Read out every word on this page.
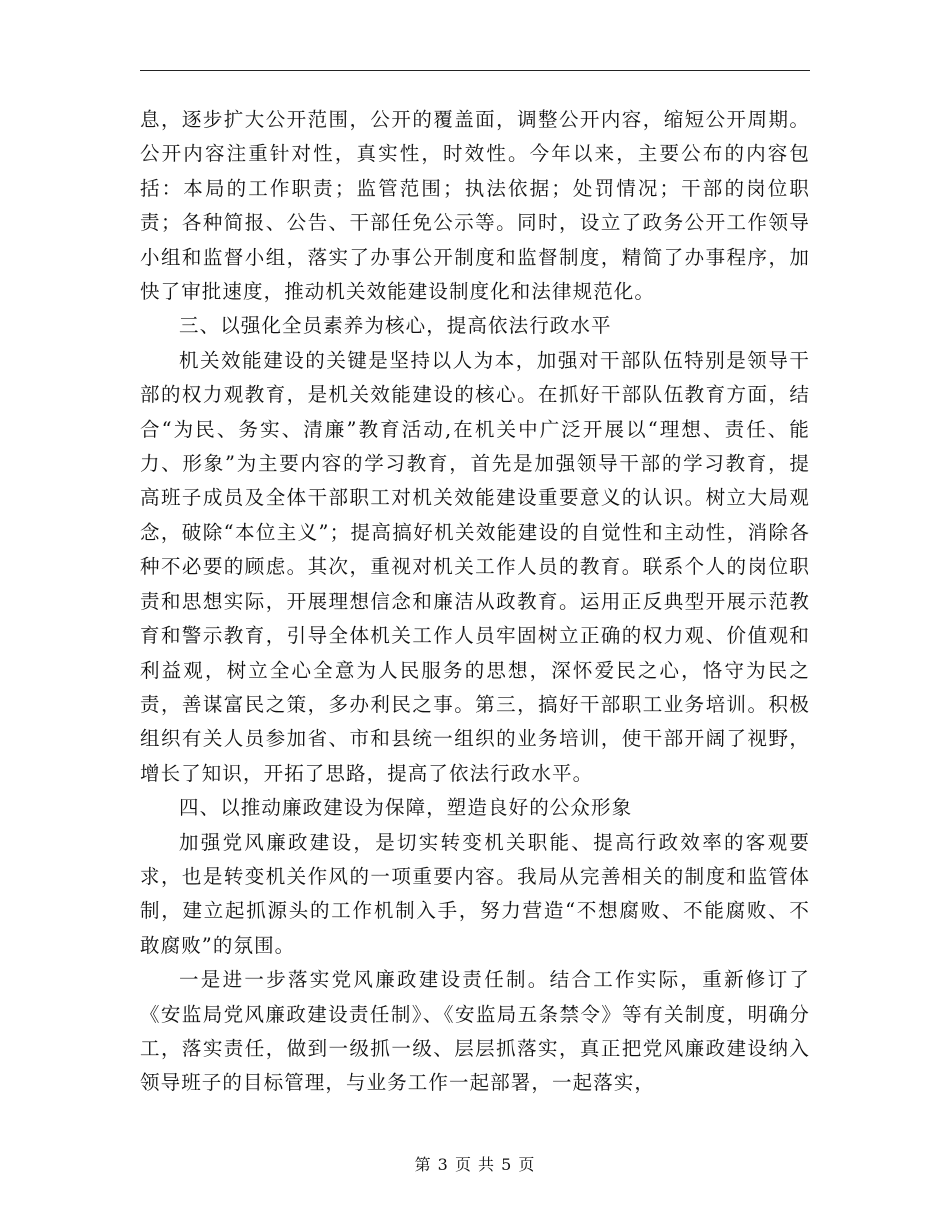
息，逐步扩大公开范围，公开的覆盖面，调整公开内容，缩短公开周期。公开内容注重针对性，真实性，时效性。今年以来，主要公布的内容包括：本局的工作职责；监管范围；执法依据；处罚情况；干部的岗位职责；各种简报、公告、干部任免公示等。同时，设立了政务公开工作领导小组和监督小组，落实了办事公开制度和监督制度，精简了办事程序，加快了审批速度，推动机关效能建设制度化和法律规范化。

三、以强化全员素养为核心，提高依法行政水平

机关效能建设的关键是坚持以人为本，加强对干部队伍特别是领导干部的权力观教育，是机关效能建设的核心。在抓好干部队伍教育方面，结合“为民、务实、清廉”教育活动,在机关中广泛开展以“理想、责任、能力、形象”为主要内容的学习教育，首先是加强领导干部的学习教育，提高班子成员及全体干部职工对机关效能建设重要意义的认识。树立大局观念，破除“本位主义”；提高搞好机关效能建设的自觉性和主动性，消除各种不必要的顾虑。其次，重视对机关工作人员的教育。联系个人的岗位职责和思想实际，开展理想信念和廉洁从政教育。运用正反典型开展示范教育和警示教育，引导全体机关工作人员牢固树立正确的权力观、价值观和利益观，树立全心全意为人民服务的思想，深怀爱民之心，恪守为民之责，善谋富民之策，多办利民之事。第三，搞好干部职工业务培训。积极组织有关人员参加省、市和县统一组织的业务培训，使干部开阔了视野，增长了知识，开拓了思路，提高了依法行政水平。

四、以推动廉政建设为保障，塑造良好的公众形象

加强党风廉政建设，是切实转变机关职能、提高行政效率的客观要求，也是转变机关作风的一项重要内容。我局从完善相关的制度和监管体制，建立起抓源头的工作机制入手，努力营造“不想腐败、不能腐败、不敢腐败”的氛围。

一是进一步落实党风廉政建设责任制。结合工作实际，重新修订了《安监局党风廉政建设责任制》、《安监局五条禁令》等有关制度，明确分工，落实责任，做到一级抓一级、层层抓落实，真正把党风廉政建设纳入领导班子的目标管理，与业务工作一起部署，一起落实，

第 3 页 共 5 页
